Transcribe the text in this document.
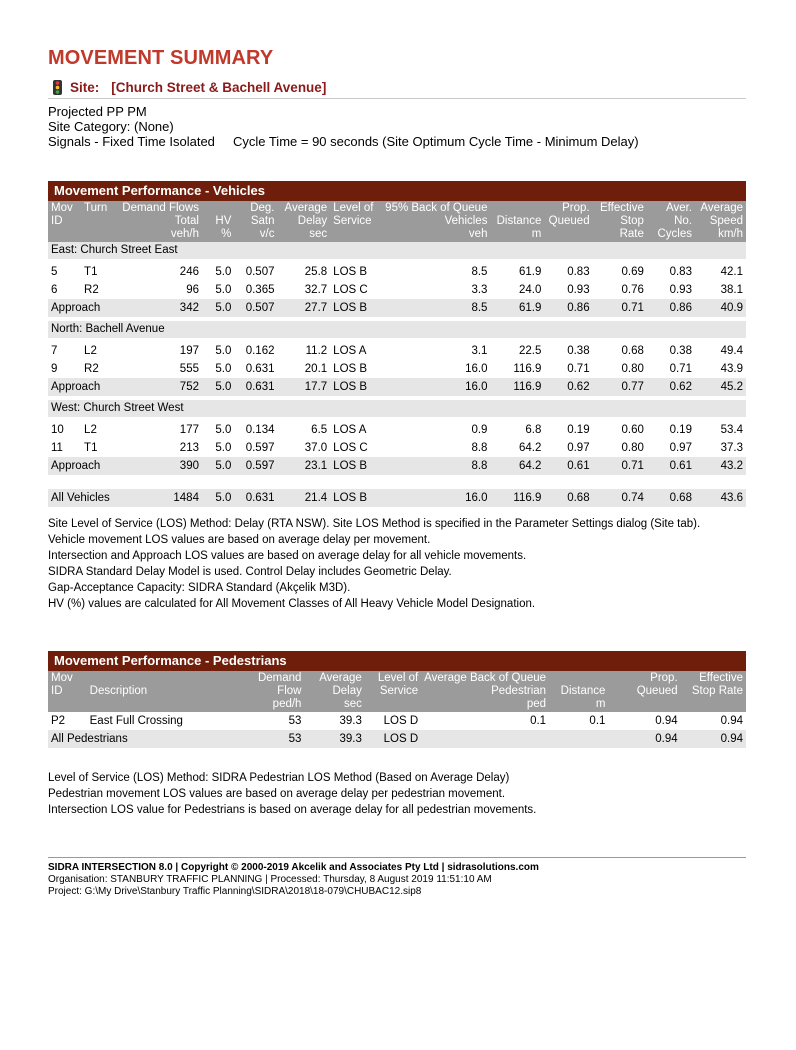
MOVEMENT SUMMARY
Site: [Church Street & Bachell Avenue]
Projected PP PM
Site Category: (None)
Signals - Fixed Time Isolated     Cycle Time = 90 seconds (Site Optimum Cycle Time - Minimum Delay)
Movement Performance - Vehicles
Mov
ID	Turn	Demand Flows
Total
veh/h	HV
%	Deg.
Satn
v/c	Average
Delay
sec	Level of
Service	95% Back of Queue
Vehicles
veh	Distance
m	Prop.
Queued	Effective
Stop Rate	Aver. No.
Cycles	Average
Speed
km/h
East: Church Street East												

5	T1	246	5.0	0.507	25.8	LOS B	8.5	61.9	0.83	0.69	0.83	42.1
6	R2	96	5.0	0.365	32.7	LOS C	3.3	24.0	0.93	0.76	0.93	38.1
Approach		342	5.0	0.507	27.7	LOS B	8.5	61.9	0.86	0.71	0.86	40.9

North: Bachell Avenue												

7	L2	197	5.0	0.162	11.2	LOS A	3.1	22.5	0.38	0.68	0.38	49.4
9	R2	555	5.0	0.631	20.1	LOS B	16.0	116.9	0.71	0.80	0.71	43.9
Approach		752	5.0	0.631	17.7	LOS B	16.0	116.9	0.62	0.77	0.62	45.2

West: Church Street West												

10	L2	177	5.0	0.134	6.5	LOS A	0.9	6.8	0.19	0.60	0.19	53.4
11	T1	213	5.0	0.597	37.0	LOS C	8.8	64.2	0.97	0.80	0.97	37.3
Approach		390	5.0	0.597	23.1	LOS B	8.8	64.2	0.61	0.71	0.61	43.2

All Vehicles		1484	5.0	0.631	21.4	LOS B	16.0	116.9	0.68	0.74	0.68	43.6

Site Level of Service (LOS) Method: Delay (RTA NSW). Site LOS Method is specified in the Parameter Settings dialog (Site tab).
Vehicle movement LOS values are based on average delay per movement.
Intersection and Approach LOS values are based on average delay for all vehicle movements.
SIDRA Standard Delay Model is used. Control Delay includes Geometric Delay.
Gap-Acceptance Capacity: SIDRA Standard (Akçelik M3D).
HV (%) values are calculated for All Movement Classes of All Heavy Vehicle Model Designation.
Movement Performance - Pedestrians
Mov
ID	Description	Demand
Flow
ped/h	Average
Delay
sec	Level of
Service	Average Back of Queue
Pedestrian
ped	Distance
m	Prop.
Queued	Effective
Stop Rate
P2	East Full Crossing	53	39.3	LOS D	0.1	0.1	0.94	0.94
All Pedestrians		53	39.3	LOS D			0.94	0.94

Level of Service (LOS) Method: SIDRA Pedestrian LOS Method (Based on Average Delay)
Pedestrian movement LOS values are based on average delay per pedestrian movement.
Intersection LOS value for Pedestrians is based on average delay for all pedestrian movements.
SIDRA INTERSECTION 8.0 | Copyright © 2000-2019 Akcelik and Associates Pty Ltd | sidrasolutions.com
Organisation: STANBURY TRAFFIC PLANNING | Processed: Thursday, 8 August 2019 11:51:10 AM
Project: G:\My Drive\Stanbury Traffic Planning\SIDRA\2018\18-079\CHUBAC12.sip8
